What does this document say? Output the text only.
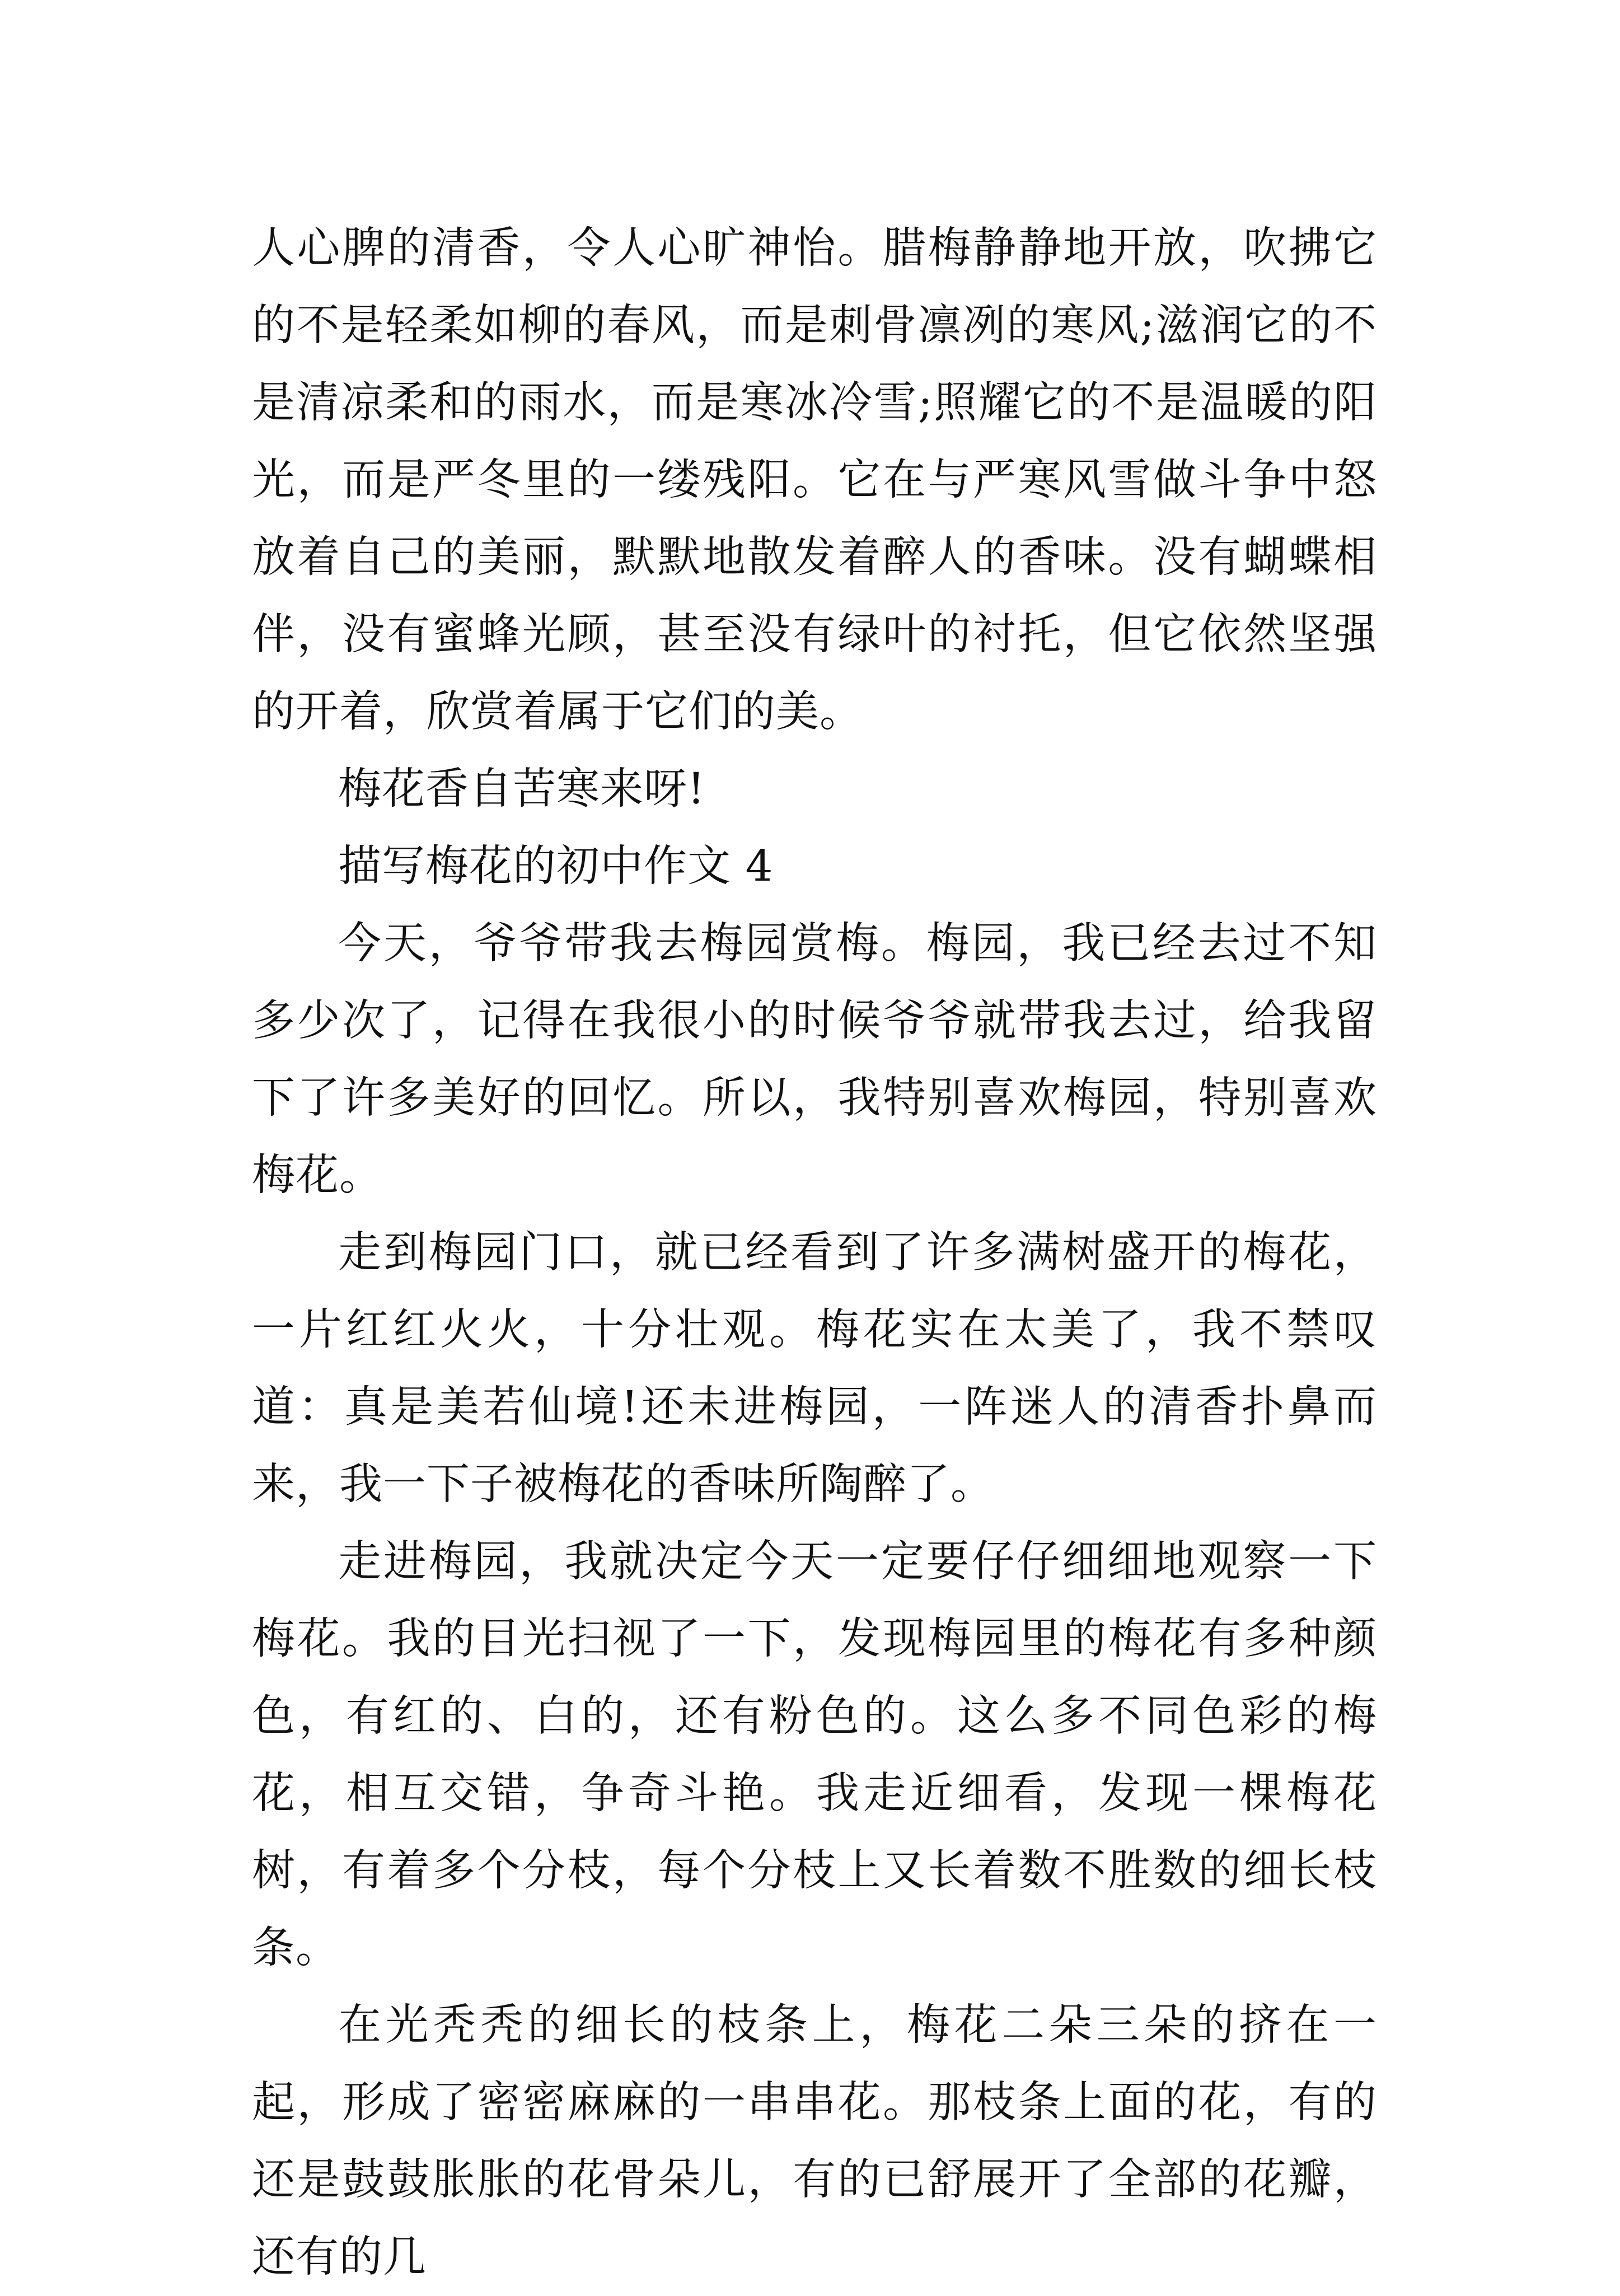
人心脾的清香，令人心旷神怡。腊梅静静地开放，吹拂它的不是轻柔如柳的春风，而是刺骨凛冽的寒风;滋润它的不是清凉柔和的雨水，而是寒冰冷雪;照耀它的不是温暖的阳光，而是严冬里的一缕残阳。它在与严寒风雪做斗争中怒放着自己的美丽，默默地散发着醉人的香味。没有蝴蝶相伴，没有蜜蜂光顾，甚至没有绿叶的衬托，但它依然坚强的开着，欣赏着属于它们的美。

梅花香自苦寒来呀!

描写梅花的初中作文 4

今天，爷爷带我去梅园赏梅。梅园，我已经去过不知多少次了，记得在我很小的时候爷爷就带我去过，给我留下了许多美好的回忆。所以，我特别喜欢梅园，特别喜欢梅花。

走到梅园门口，就已经看到了许多满树盛开的梅花，一片红红火火，十分壮观。梅花实在太美了，我不禁叹道：真是美若仙境!还未进梅园，一阵迷人的清香扑鼻而来，我一下子被梅花的香味所陶醉了。

走进梅园，我就决定今天一定要仔仔细细地观察一下梅花。我的目光扫视了一下，发现梅园里的梅花有多种颜色，有红的、白的，还有粉色的。这么多不同色彩的梅花，相互交错，争奇斗艳。我走近细看，发现一棵梅花树，有着多个分枝，每个分枝上又长着数不胜数的细长枝条。

在光秃秃的细长的枝条上，梅花二朵三朵的挤在一起，形成了密密麻麻的一串串花。那枝条上面的花，有的还是鼓鼓胀胀的花骨朵儿，有的已舒展开了全部的花瓣，还有的几
